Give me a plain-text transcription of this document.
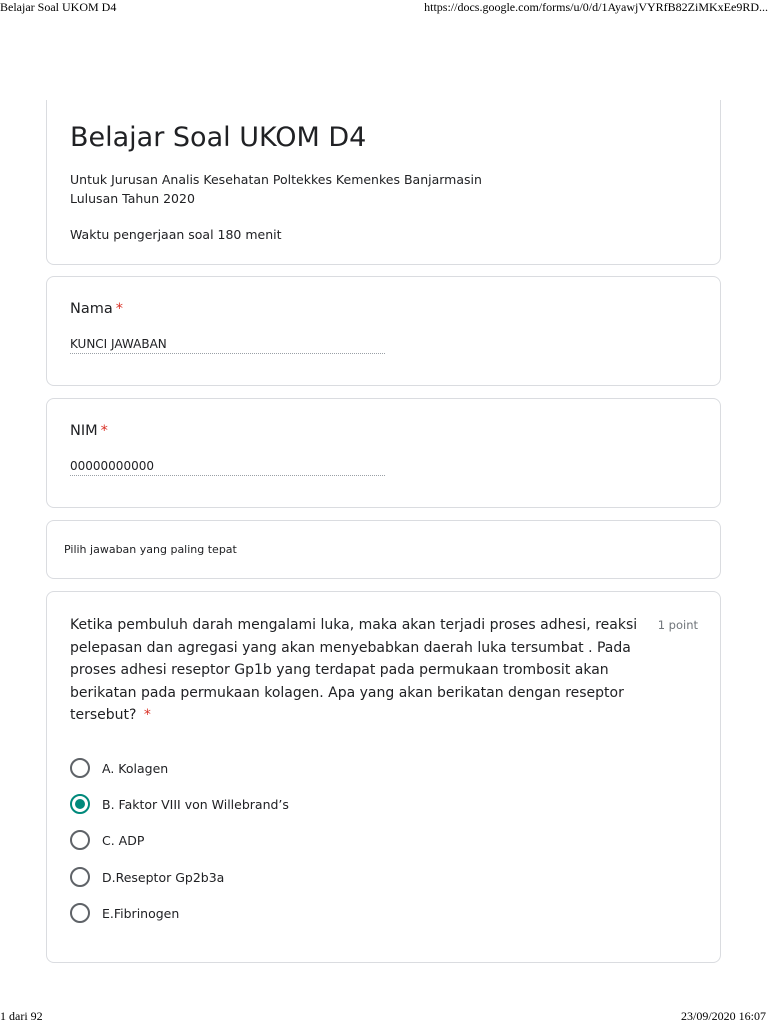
Belajar Soal UKOM D4	https://docs.google.com/forms/u/0/d/1AyawjVYRfB82ZiMKxEe9RD...
Belajar Soal UKOM D4
Untuk Jurusan Analis Kesehatan Poltekkes Kemenkes Banjarmasin
Lulusan Tahun 2020
Waktu pengerjaan soal 180 menit
Nama *
KUNCI JAWABAN
NIM *
00000000000
Pilih jawaban yang paling tepat
Ketika pembuluh darah mengalami luka, maka akan terjadi proses adhesi, reaksi
pelepasan dan agregasi yang akan menyebabkan daerah luka tersumbat . Pada
proses adhesi reseptor Gp1b yang terdapat pada permukaan trombosit akan
berikatan pada permukaan kolagen. Apa yang akan berikatan dengan reseptor
tersebut? *
1 point
A. Kolagen
B. Faktor VIII von Willebrand’s
C. ADP
D.Reseptor Gp2b3a
E.Fibrinogen
1 dari 92	23/09/2020 16:07
